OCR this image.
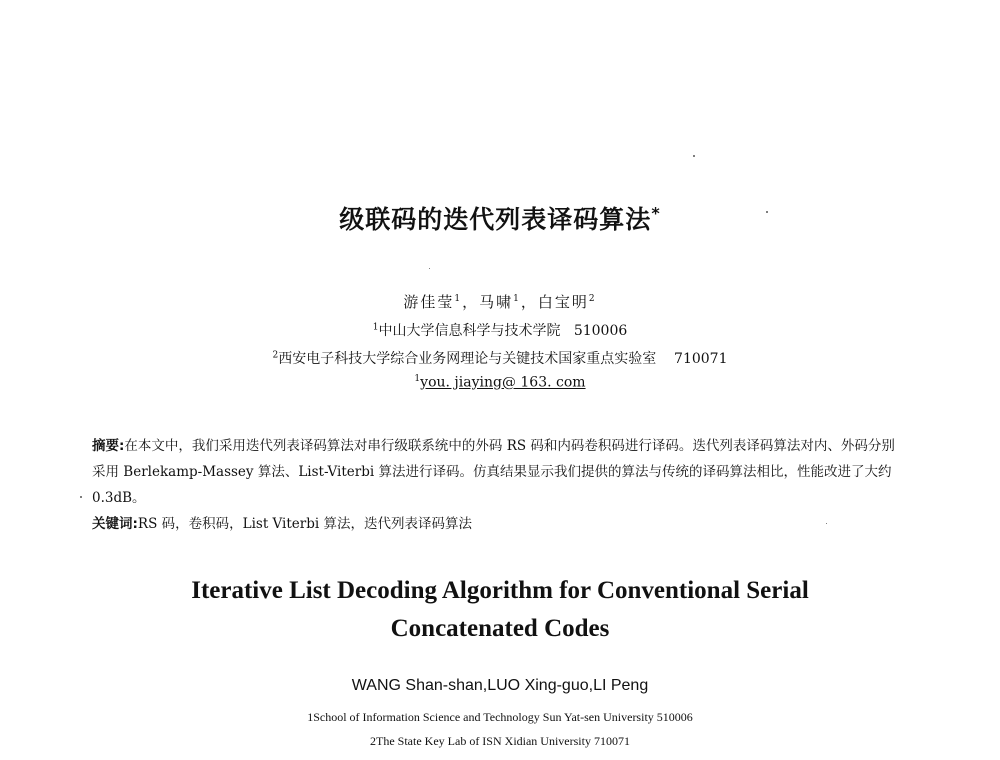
级联码的迭代列表译码算法*
游佳莹$^1$，马啸$^1$，白宝明$^2$
$^1$中山大学信息科学与技术学院 510006
$^2$西安电子科技大学综合业务网理论与关键技术国家重点实验室 710071
$^1$you. jiaying@ 163. com

摘要:在本文中，我们采用迭代列表译码算法对串行级联系统中的外码 RS 码和内码卷积码进行译码。迭代列表译码算法对内、外码分别采用 Berlekamp-Massey 算法、List-Viterbi 算法进行译码。仿真结果显示我们提供的算法与传统的译码算法相比，性能改进了大约 0.3dB。

关键词:RS 码，卷积码，List Viterbi 算法，迭代列表译码算法

Iterative List Decoding Algorithm for Conventional Serial
Concatenated Codes
WANG Shan-shan,LUO Xing-guo,LI Peng
1School of Information Science and Technology Sun Yat-sen University 510006
2The State Key Lab of ISN Xidian University 710071
